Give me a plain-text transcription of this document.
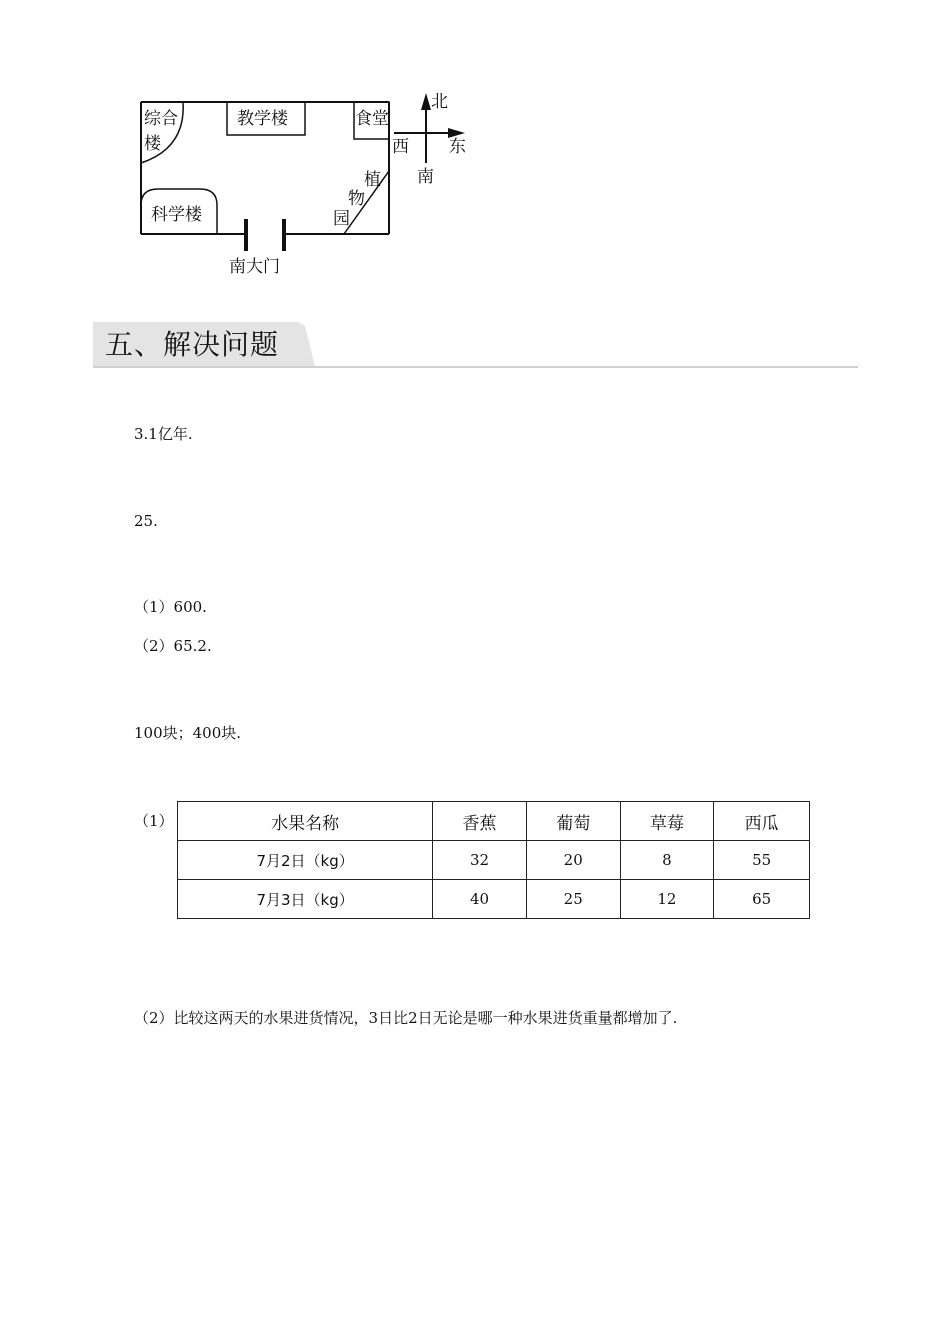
综合
楼
教学楼	食堂
科学楼
植
物
园
南大门
北
西 东
南
五、解决问题
3.1亿年.
25.
（1）600.
（2）65.2.
100块；400块.
（1）	水果名称	香蕉	葡萄	草莓	西瓜
7月2日（kg）	32	20	8	55
7月3日（kg）	40	25	12	65
（2）比较这两天的水果进货情况，3日比2日无论是哪一种水果进货重量都增加了.
